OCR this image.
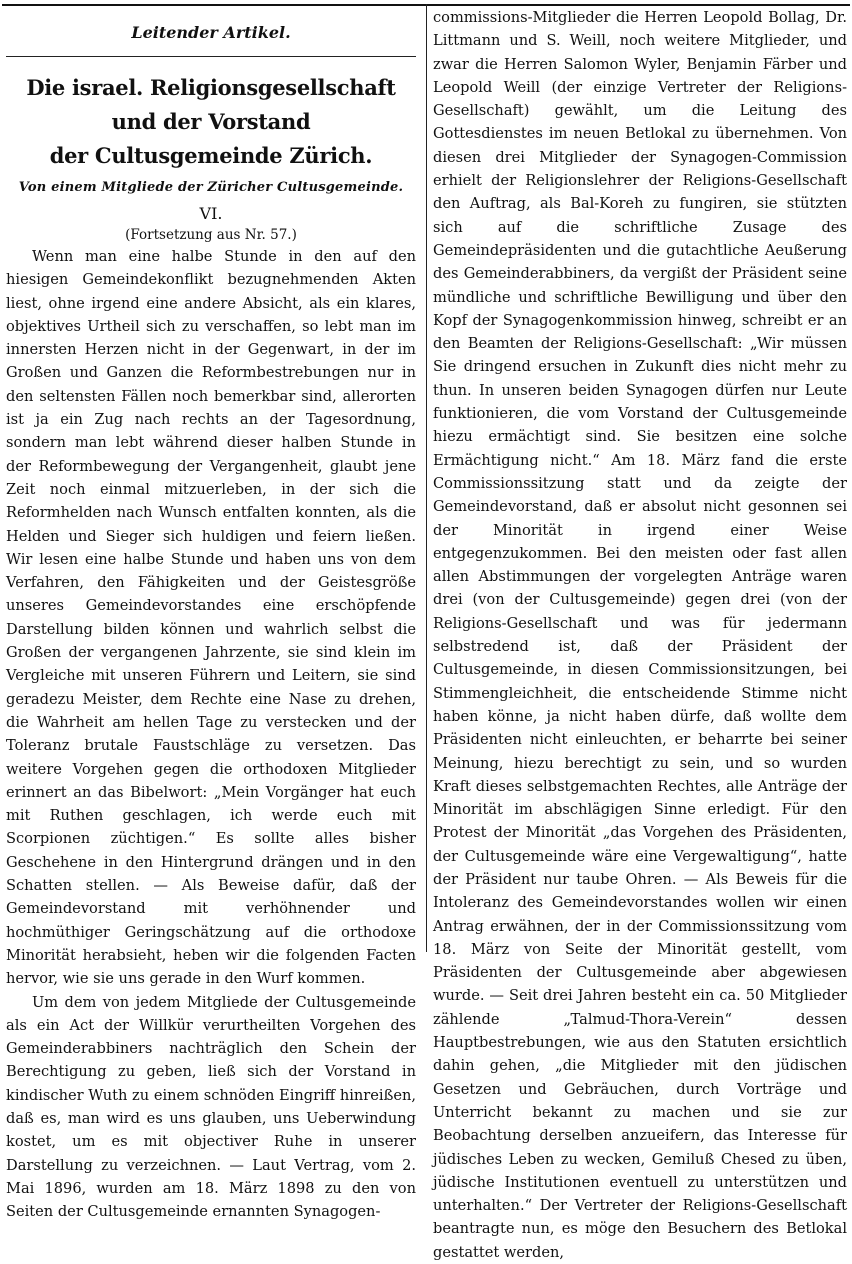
Leitender Artikel.

Die israel. Religionsgesellschaft und der Vorstand

der Cultusgemeinde Zürich.

Von einem Mitgliede der Züricher Cultusgemeinde.

VI.

(Fortsetzung aus Nr. 57.)

Wenn man eine halbe Stunde in den auf den hiesigen Gemeindekonflikt bezugnehmenden Akten liest, ohne irgend eine andere Absicht, als ein klares, objektives Urtheil sich zu verschaffen, so lebt man im innersten Herzen nicht in der Gegenwart, in der im Großen und Ganzen die Reformbestrebungen nur in den seltensten Fällen noch bemerkbar sind, allerorten ist ja ein Zug nach rechts an der Tagesordnung, sondern man lebt während dieser halben Stunde in der Reformbewegung der Vergangenheit, glaubt jene Zeit noch einmal mitzuerleben, in der sich die Reformhelden nach Wunsch entfalten konnten, als die Helden und Sieger sich huldigen und feiern ließen. Wir lesen eine halbe Stunde und haben uns von dem Verfahren, den Fähigkeiten und der Geistesgröße unseres Gemeindevorstandes eine erschöpfende Darstellung bilden können und wahrlich selbst die Großen der vergangenen Jahrzente, sie sind klein im Vergleiche mit unseren Führern und Leitern, sie sind geradezu Meister, dem Rechte eine Nase zu drehen, die Wahrheit am hellen Tage zu verstecken und der Toleranz brutale Faustschläge zu versetzen. Das weitere Vorgehen gegen die orthodoxen Mitglieder erinnert an das Bibelwort: „Mein Vorgänger hat euch mit Ruthen geschlagen, ich werde euch mit Scorpionen züchtigen.“ Es sollte alles bisher Geschehene in den Hintergrund drängen und in den Schatten stellen. — Als Beweise dafür, daß der Gemeindevorstand mit verhöhnender und hochmüthiger Geringschätzung auf die orthodoxe Minorität herabsieht, heben wir die folgenden Facten hervor, wie sie uns gerade in den Wurf kommen.

Um dem von jedem Mitgliede der Cultusgemeinde als ein Act der Willkür verurtheilten Vorgehen des Gemeinderabbiners nachträglich den Schein der Berechtigung zu geben, ließ sich der Vorstand in kindischer Wuth zu einem schnöden Eingriff hinreißen, daß es, man wird es uns glauben, uns Ueberwindung kostet, um es mit objectiver Ruhe in unserer Darstellung zu verzeichnen. — Laut Vertrag, vom 2. Mai 1896, wurden am 18. März 1898 zu den von Seiten der Cultusgemeinde ernannten Synagogen-

commissions-Mitglieder die Herren Leopold Bollag, Dr. Littmann und S. Weill, noch weitere Mitglieder, und zwar die Herren Salomon Wyler, Benjamin Färber und Leopold Weill (der einzige Vertreter der Religions-Gesellschaft) gewählt, um die Leitung des Gottesdienstes im neuen Betlokal zu übernehmen. Von diesen drei Mitglieder der Synagogen-Commission erhielt der Religionslehrer der Religions-Gesellschaft den Auftrag, als Bal-Koreh zu fungiren, sie stützten sich auf die schriftliche Zusage des Gemeindepräsidenten und die gutachtliche Aeußerung des Gemeinderabbiners, da vergißt der Präsident seine mündliche und schriftliche Bewilligung und über den Kopf der Synagogenkommission hinweg, schreibt er an den Beamten der Religions-Gesellschaft: „Wir müssen Sie dringend ersuchen in Zukunft dies nicht mehr zu thun. In unseren beiden Synagogen dürfen nur Leute funktionieren, die vom Vorstand der Cultusgemeinde hiezu ermächtigt sind. Sie besitzen eine solche Ermächtigung nicht.“ Am 18. März fand die erste Commissionssitzung statt und da zeigte der Gemeindevorstand, daß er absolut nicht gesonnen sei der Minorität in irgend einer Weise entgegenzukommen. Bei den meisten oder fast allen allen Abstimmungen der vorgelegten Anträge waren drei (von der Cultusgemeinde) gegen drei (von der Religions-Gesellschaft und was für jedermann selbstredend ist, daß der Präsident der Cultusgemeinde, in diesen Commissionsitzungen, bei Stimmengleichheit, die entscheidende Stimme nicht haben könne, ja nicht haben dürfe, daß wollte dem Präsidenten nicht einleuchten, er beharrte bei seiner Meinung, hiezu berechtigt zu sein, und so wurden Kraft dieses selbstgemachten Rechtes, alle Anträge der Minorität im abschlägigen Sinne erledigt. Für den Protest der Minorität „das Vorgehen des Präsidenten, der Cultusgemeinde wäre eine Vergewaltigung“, hatte der Präsident nur taube Ohren. — Als Beweis für die Intoleranz des Gemeindevorstandes wollen wir einen Antrag erwähnen, der in der Commissionssitzung vom 18. März von Seite der Minorität gestellt, vom Präsidenten der Cultusgemeinde aber abgewiesen wurde. — Seit drei Jahren besteht ein ca. 50 Mitglieder zählende „Talmud-Thora-Verein“ dessen Hauptbestrebungen, wie aus den Statuten ersichtlich dahin gehen, „die Mitglieder mit den jüdischen Gesetzen und Gebräuchen, durch Vorträge und Unterricht bekannt zu machen und sie zur Beobachtung derselben anzueifern, das Interesse für jüdisches Leben zu wecken, Gemiluß Chesed zu üben, jüdische Institutionen eventuell zu unterstützen und unterhalten.“ Der Vertreter der Religions-Gesellschaft beantragte nun, es möge den Besuchern des Betlokal gestattet werden,
